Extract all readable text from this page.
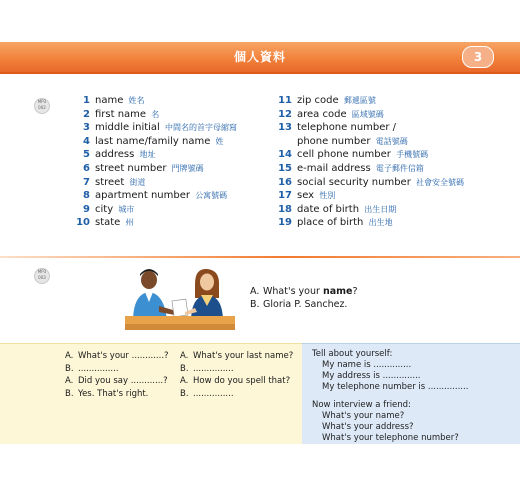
個人資料	3
MP3
002
MP3
003
1 name 姓名
2 first name 名
3 middle initial 中間名的首字母縮寫
4 last name/family name 姓
5 address 地址
6 street number 門牌號碼
7 street 街道
8 apartment number 公寓號碼
9 city 城市
10 state 州
11 zip code 郵遞區號
12 area code 區域號碼
13 telephone number /
phone number 電話號碼
14 cell phone number 手機號碼
15 e-mail address 電子郵件信箱
16 social security number 社會安全號碼
17 sex 性別
18 date of birth 出生日期
19 place of birth 出生地
A. What's your name?
B. Gloria P. Sanchez.
A. What's your ............?
B. ...............
A. Did you say ............?
B. Yes. That's right.
A. What's your last name?
B. ...............
A. How do you spell that?
B. ...............
Tell about yourself:
My name is ..............
My address is ..............
My telephone number is ...............
Now interview a friend:
What's your name?
What's your address?
What's your telephone number?
